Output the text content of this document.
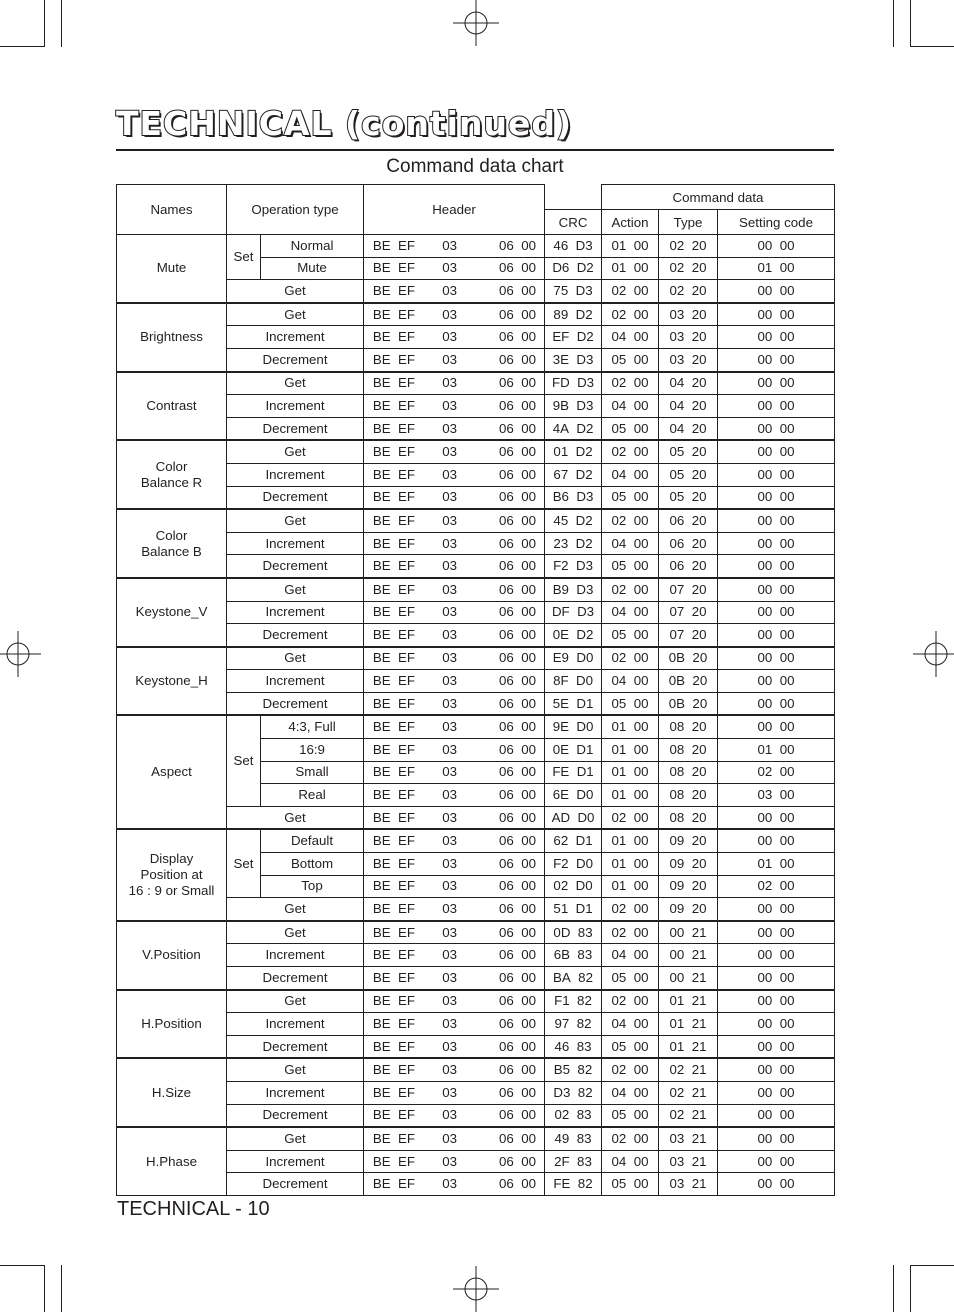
TECHNICAL (continued)
Command data chart
Names	Operation type		Header		Command data		
				CRC	Action	Type	Setting code
Mute	Set	Normal	BE  EF 03 06  00	46  D3	01  00	02  20	00  00
		Mute	BE  EF 03 06  00	D6  D2	01  00	02  20	01  00
	Get		BE  EF 03 06  00	75  D3	02  00	02  20	00  00
Brightness	Get		BE  EF 03 06  00	89  D2	02  00	03  20	00  00
	Increment		BE  EF 03 06  00	EF  D2	04  00	03  20	00  00
	Decrement		BE  EF 03 06  00	3E  D3	05  00	03  20	00  00
Contrast	Get		BE  EF 03 06  00	FD  D3	02  00	04  20	00  00
	Increment		BE  EF 03 06  00	9B  D3	04  00	04  20	00  00
	Decrement		BE  EF 03 06  00	4A  D2	05  00	04  20	00  00
Color
Balance R	Get		BE  EF 03 06  00	01  D2	02  00	05  20	00  00
	Increment		BE  EF 03 06  00	67  D2	04  00	05  20	00  00
	Decrement		BE  EF 03 06  00	B6  D3	05  00	05  20	00  00
Color
Balance B	Get		BE  EF 03 06  00	45  D2	02  00	06  20	00  00
	Increment		BE  EF 03 06  00	23  D2	04  00	06  20	00  00
	Decrement		BE  EF 03 06  00	F2  D3	05  00	06  20	00  00
Keystone_V	Get		BE  EF 03 06  00	B9  D3	02  00	07  20	00  00
	Increment		BE  EF 03 06  00	DF  D3	04  00	07  20	00  00
	Decrement		BE  EF 03 06  00	0E  D2	05  00	07  20	00  00
Keystone_H	Get		BE  EF 03 06  00	E9  D0	02  00	0B  20	00  00
	Increment		BE  EF 03 06  00	8F  D0	04  00	0B  20	00  00
	Decrement		BE  EF 03 06  00	5E  D1	05  00	0B  20	00  00
Aspect	Set	4:3, Full	BE  EF 03 06  00	9E  D0	01  00	08  20	00  00
		16:9	BE  EF 03 06  00	0E  D1	01  00	08  20	01  00
		Small	BE  EF 03 06  00	FE  D1	01  00	08  20	02  00
		Real	BE  EF 03 06  00	6E  D0	01  00	08  20	03  00
	Get		BE  EF 03 06  00	AD  D0	02  00	08  20	00  00
Display
Position at
16 : 9 or Small	Set	Default	BE  EF 03 06  00	62  D1	01  00	09  20	00  00
		Bottom	BE  EF 03 06  00	F2  D0	01  00	09  20	01  00
		Top	BE  EF 03 06  00	02  D0	01  00	09  20	02  00
	Get		BE  EF 03 06  00	51  D1	02  00	09  20	00  00
V.Position	Get		BE  EF 03 06  00	0D  83	02  00	00  21	00  00
	Increment		BE  EF 03 06  00	6B  83	04  00	00  21	00  00
	Decrement		BE  EF 03 06  00	BA  82	05  00	00  21	00  00
H.Position	Get		BE  EF 03 06  00	F1  82	02  00	01  21	00  00
	Increment		BE  EF 03 06  00	97  82	04  00	01  21	00  00
	Decrement		BE  EF 03 06  00	46  83	05  00	01  21	00  00
H.Size	Get		BE  EF 03 06  00	B5  82	02  00	02  21	00  00
	Increment		BE  EF 03 06  00	D3  82	04  00	02  21	00  00
	Decrement		BE  EF 03 06  00	02  83	05  00	02  21	00  00
H.Phase	Get		BE  EF 03 06  00	49  83	02  00	03  21	00  00
	Increment		BE  EF 03 06  00	2F  83	04  00	03  21	00  00
	Decrement		BE  EF 03 06  00	FE  82	05  00	03  21	00  00
TECHNICAL - 10
